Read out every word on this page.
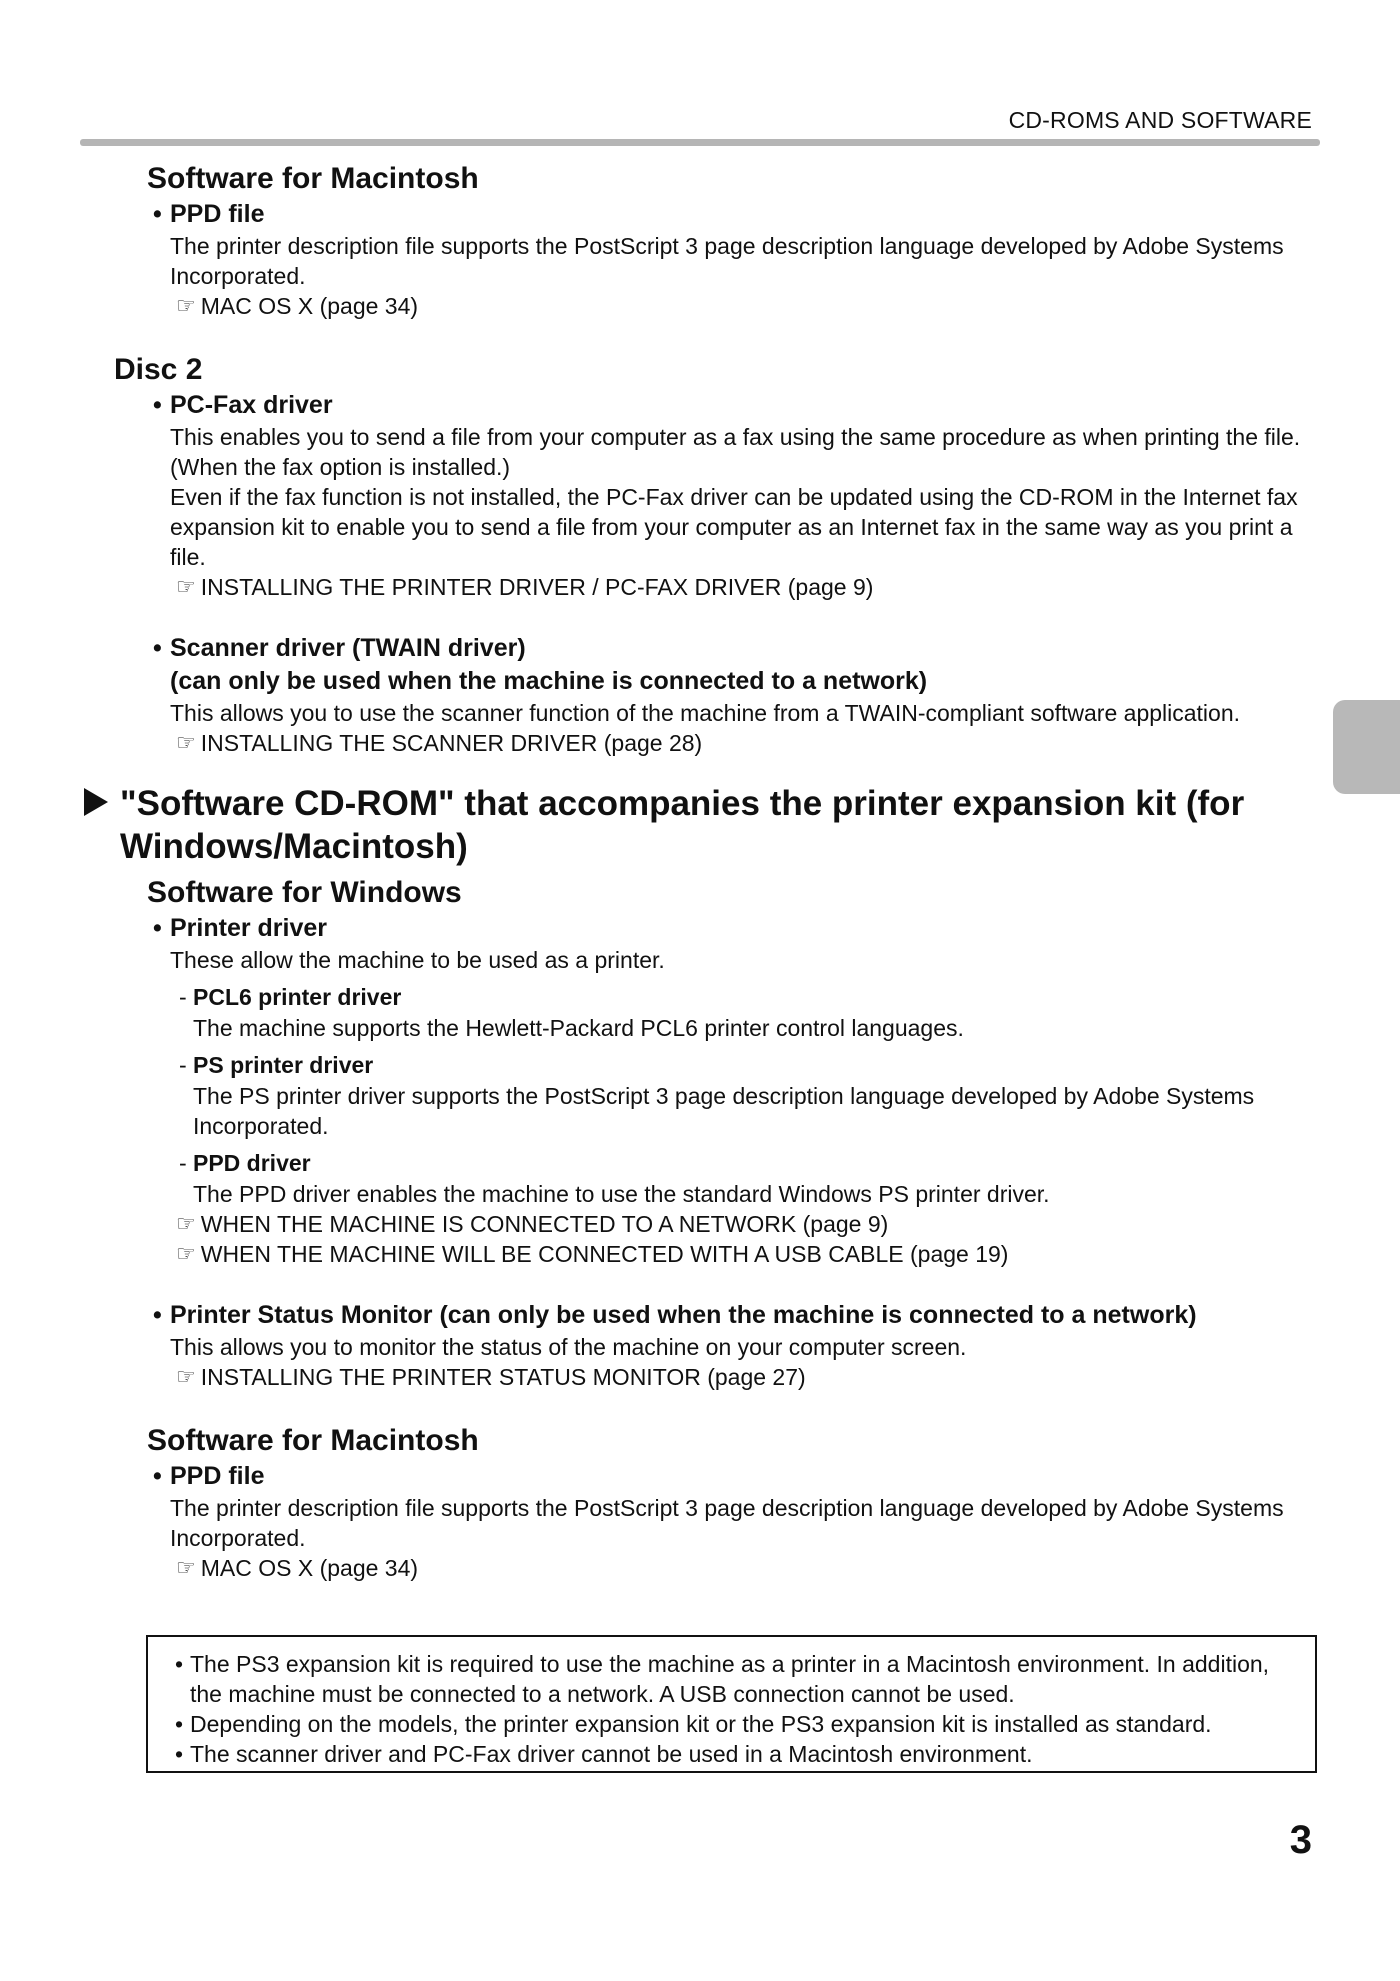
CD-ROMS AND SOFTWARE
Software for Macintosh
• PPD file
The printer description file supports the PostScript 3 page description language developed by Adobe Systems Incorporated.
☞ MAC OS X (page 34)
Disc 2
• PC-Fax driver
This enables you to send a file from your computer as a fax using the same procedure as when printing the file. (When the fax option is installed.)
Even if the fax function is not installed, the PC-Fax driver can be updated using the CD-ROM in the Internet fax expansion kit to enable you to send a file from your computer as an Internet fax in the same way as you print a file.
☞ INSTALLING THE PRINTER DRIVER / PC-FAX DRIVER (page 9)
• Scanner driver (TWAIN driver)
(can only be used when the machine is connected to a network)
This allows you to use the scanner function of the machine from a TWAIN-compliant software application.
☞ INSTALLING THE SCANNER DRIVER (page 28)
"Software CD-ROM" that accompanies the printer expansion kit (for Windows/Macintosh)
Software for Windows
• Printer driver
These allow the machine to be used as a printer.
- PCL6 printer driver
The machine supports the Hewlett-Packard PCL6 printer control languages.
- PS printer driver
The PS printer driver supports the PostScript 3 page description language developed by Adobe Systems Incorporated.
- PPD driver
The PPD driver enables the machine to use the standard Windows PS printer driver.
☞ WHEN THE MACHINE IS CONNECTED TO A NETWORK (page 9)
☞ WHEN THE MACHINE WILL BE CONNECTED WITH A USB CABLE (page 19)
• Printer Status Monitor (can only be used when the machine is connected to a network)
This allows you to monitor the status of the machine on your computer screen.
☞ INSTALLING THE PRINTER STATUS MONITOR (page 27)
Software for Macintosh
• PPD file
The printer description file supports the PostScript 3 page description language developed by Adobe Systems Incorporated.
☞ MAC OS X (page 34)
• The PS3 expansion kit is required to use the machine as a printer in a Macintosh environment. In addition, the machine must be connected to a network. A USB connection cannot be used.
• Depending on the models, the printer expansion kit or the PS3 expansion kit is installed as standard.
• The scanner driver and PC-Fax driver cannot be used in a Macintosh environment.
3
